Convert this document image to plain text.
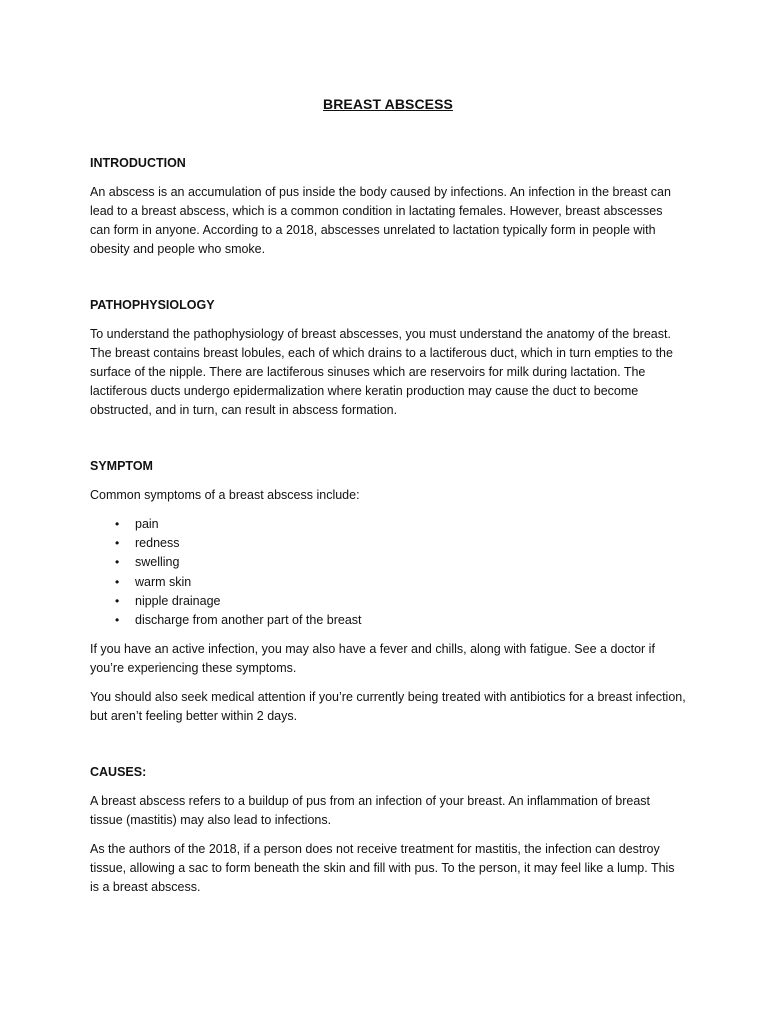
BREAST ABSCESS
INTRODUCTION

An abscess is an accumulation of pus inside the body caused by infections. An infection in the breast can lead to a breast abscess, which is a common condition in lactating females. However, breast abscesses can form in anyone. According to a 2018, abscesses unrelated to lactation typically form in people with obesity and people who smoke.

PATHOPHYSIOLOGY

To understand the pathophysiology of breast abscesses, you must understand the anatomy of the breast. The breast contains breast lobules, each of which drains to a lactiferous duct, which in turn empties to the surface of the nipple. There are lactiferous sinuses which are reservoirs for milk during lactation. The lactiferous ducts undergo epidermalization where keratin production may cause the duct to become obstructed, and in turn, can result in abscess formation.

SYMPTOM

Common symptoms of a breast abscess include:

• pain
• redness
• swelling
• warm skin
• nipple drainage
• discharge from another part of the breast

If you have an active infection, you may also have a fever and chills, along with fatigue. See a doctor if you’re experiencing these symptoms.

You should also seek medical attention if you’re currently being treated with antibiotics for a breast infection, but aren’t feeling better within 2 days.

CAUSES:

A breast abscess refers to a buildup of pus from an infection of your breast. An inflammation of breast tissue (mastitis) may also lead to infections.

As the authors of the 2018, if a person does not receive treatment for mastitis, the infection can destroy tissue, allowing a sac to form beneath the skin and fill with pus. To the person, it may feel like a lump. This is a breast abscess.
